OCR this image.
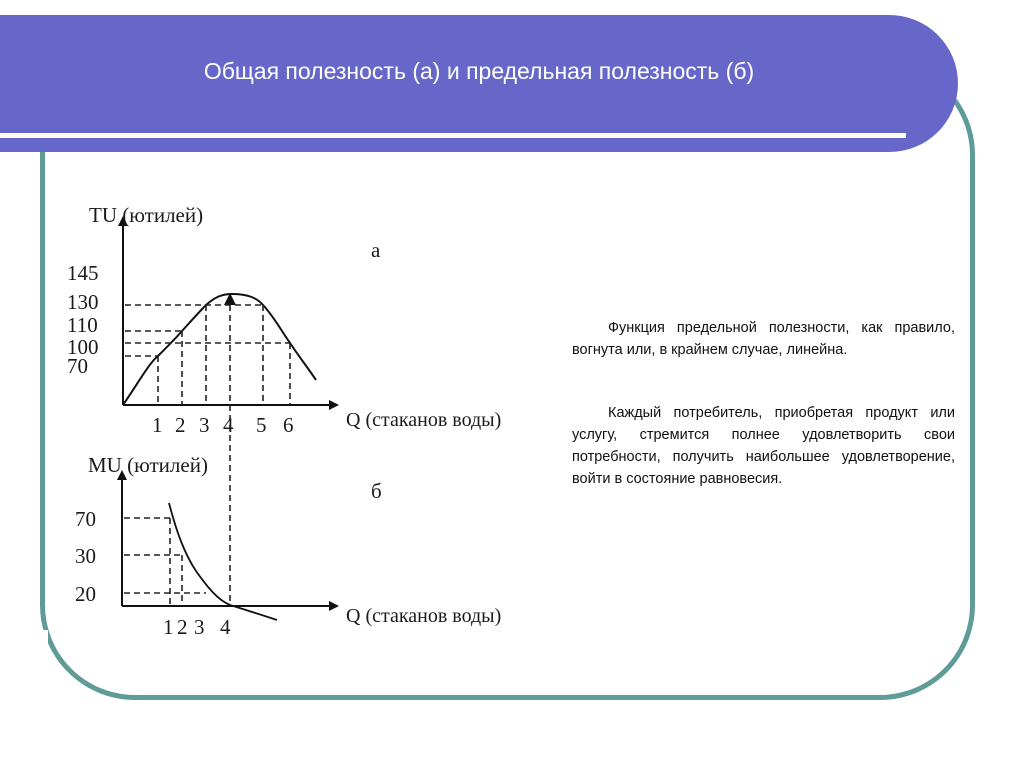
Общая полезность (а) и предельная полезность (б)
TU (ютилей)
145
130
110
100
70
1 2 3 4 5 6	Q (стаканов воды)
а
MU (ютилей)
70
30
20
1 2 3 4	Q (стаканов воды)
б

Функция предельной полезности, как правило, вогнута или, в крайнем случае, линейна.

Каждый потребитель, приобретая продукт или услугу, стремится полнее удовлетворить свои потребности, получить наибольшее удовлетворение, войти в состояние равновесия.
